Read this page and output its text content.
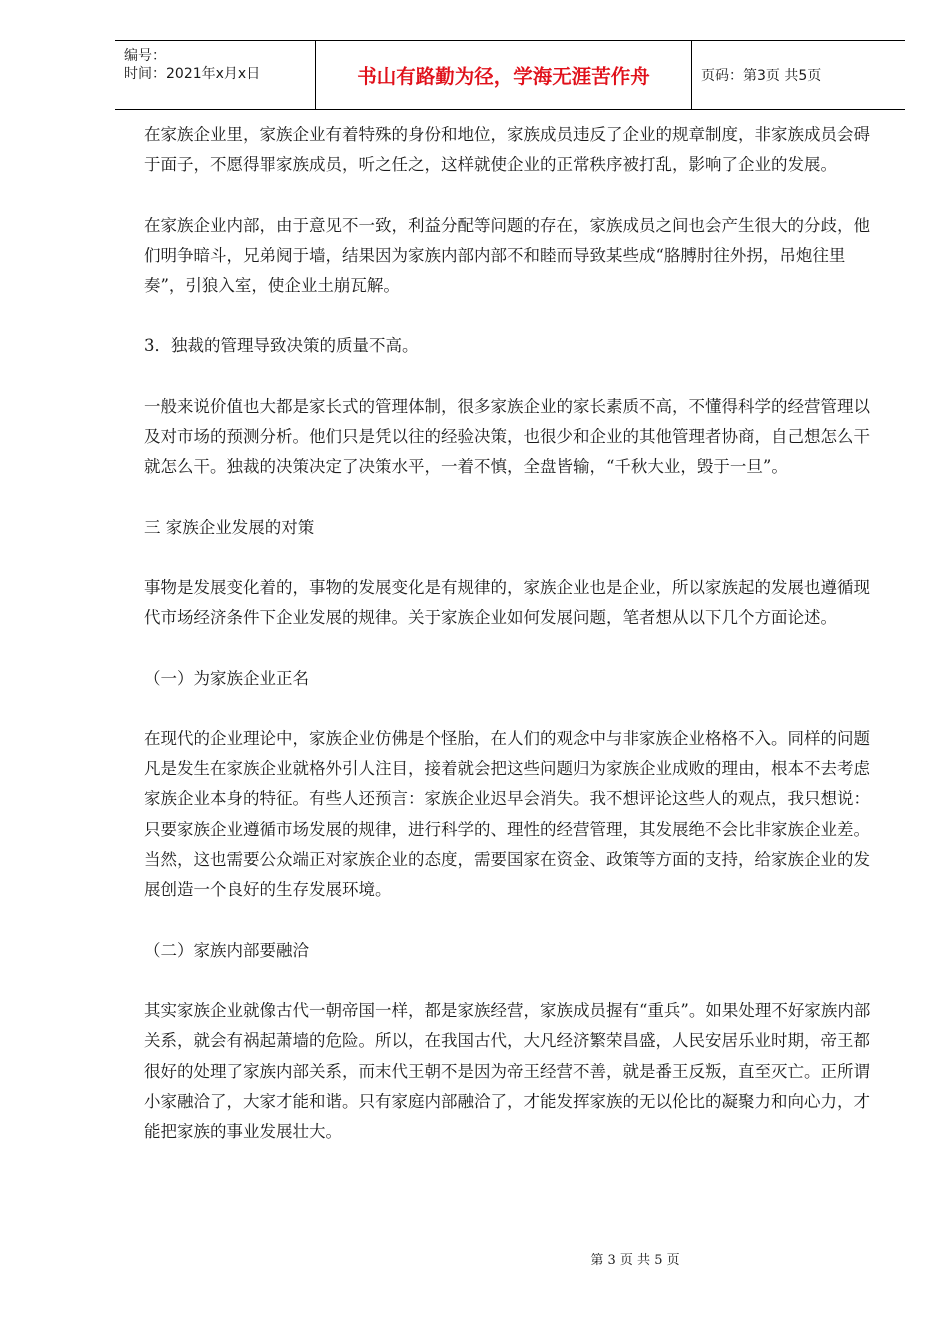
编号：
时间：2021年x月x日	书山有路勤为径，学海无涯苦作舟	页码：第3页 共5页

在家族企业里，家族企业有着特殊的身份和地位，家族成员违反了企业的规章制度，非家族成员会碍于面子，不愿得罪家族成员，听之任之，这样就使企业的正常秩序被打乱，影响了企业的发展。

在家族企业内部，由于意见不一致，利益分配等问题的存在，家族成员之间也会产生很大的分歧，他们明争暗斗，兄弟阋于墙，结果因为家族内部内部不和睦而导致某些成“胳膊肘往外拐，吊炮往里奏”，引狼入室，使企业土崩瓦解。

3．独裁的管理导致决策的质量不高。

一般来说价值也大都是家长式的管理体制，很多家族企业的家长素质不高，不懂得科学的经营管理以及对市场的预测分析。他们只是凭以往的经验决策，也很少和企业的其他管理者协商，自己想怎么干就怎么干。独裁的决策决定了决策水平，一着不慎，全盘皆输，“千秋大业，毁于一旦”。

三 家族企业发展的对策

事物是发展变化着的，事物的发展变化是有规律的，家族企业也是企业，所以家族起的发展也遵循现代市场经济条件下企业发展的规律。关于家族企业如何发展问题，笔者想从以下几个方面论述。

（一）为家族企业正名

在现代的企业理论中，家族企业仿佛是个怪胎，在人们的观念中与非家族企业格格不入。同样的问题凡是发生在家族企业就格外引人注目，接着就会把这些问题归为家族企业成败的理由，根本不去考虑家族企业本身的特征。有些人还预言：家族企业迟早会消失。我不想评论这些人的观点，我只想说：只要家族企业遵循市场发展的规律，进行科学的、理性的经营管理，其发展绝不会比非家族企业差。当然，这也需要公众端正对家族企业的态度，需要国家在资金、政策等方面的支持，给家族企业的发展创造一个良好的生存发展环境。

（二）家族内部要融洽

其实家族企业就像古代一朝帝国一样，都是家族经营，家族成员握有“重兵”。如果处理不好家族内部关系，就会有祸起萧墙的危险。所以，在我国古代，大凡经济繁荣昌盛，人民安居乐业时期，帝王都很好的处理了家族内部关系，而末代王朝不是因为帝王经营不善，就是番王反叛，直至灭亡。正所谓小家融洽了，大家才能和谐。只有家庭内部融洽了，才能发挥家族的无以伦比的凝聚力和向心力，才能把家族的事业发展壮大。

第 3 页 共 5 页
